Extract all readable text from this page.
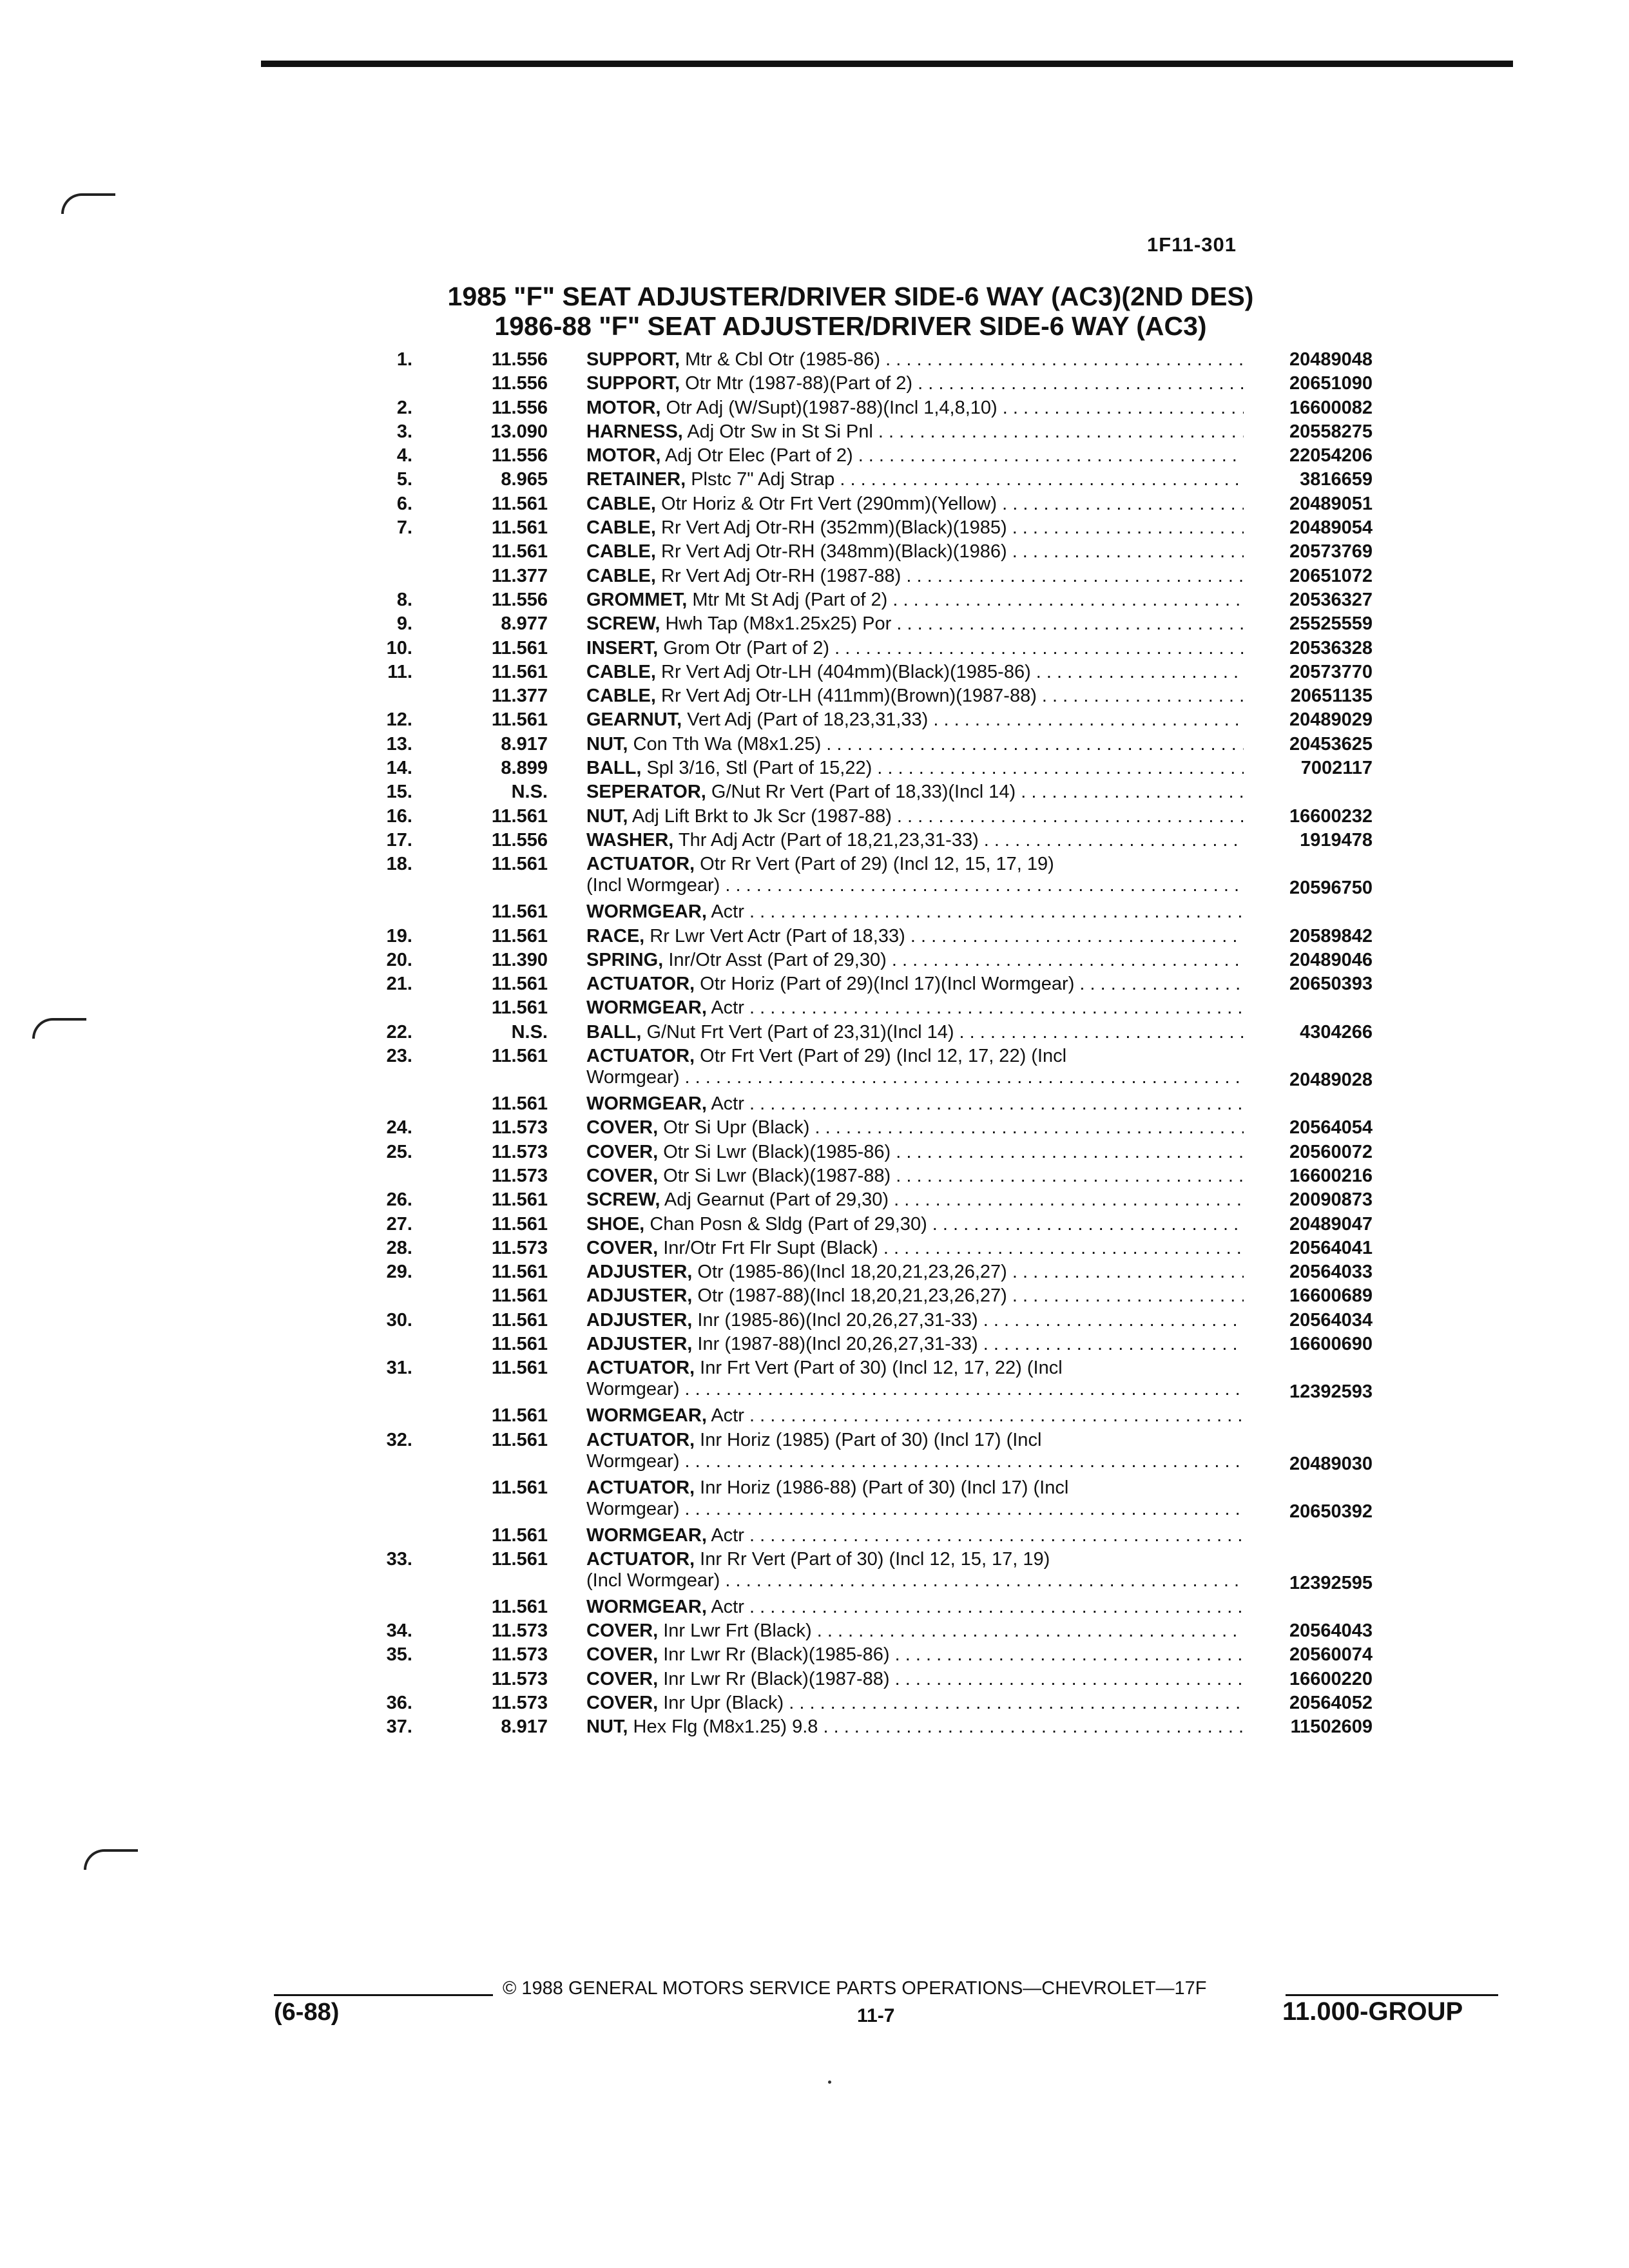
1F11-301
1985 "F" SEAT ADJUSTER/DRIVER SIDE-6 WAY (AC3)(2ND DES)
1986-88 "F" SEAT ADJUSTER/DRIVER SIDE-6 WAY (AC3)
1.	11.556 SUPPORT, Mtr & Cbl Otr (1985-86) . . .	20489048
11.556 SUPPORT, Otr Mtr (1987-88)(Part of 2) . . .	20651090
2.	11.556 MOTOR, Otr Adj (W/Supt)(1987-88)(Incl 1,4,8,10) . . .	16600082
3.	13.090 HARNESS, Adj Otr Sw in St Si Pnl . . .	20558275
4.	11.556 MOTOR, Adj Otr Elec (Part of 2) . . .	22054206
5.	8.965 RETAINER, Plstc 7" Adj Strap . . .	3816659
6.	11.561 CABLE, Otr Horiz & Otr Frt Vert (290mm)(Yellow) . . .	20489051
7.	11.561 CABLE, Rr Vert Adj Otr-RH (352mm)(Black)(1985) . . .	20489054
11.561 CABLE, Rr Vert Adj Otr-RH (348mm)(Black)(1986) . . .	20573769
11.377 CABLE, Rr Vert Adj Otr-RH (1987-88) . . .	20651072
8.	11.556 GROMMET, Mtr Mt St Adj (Part of 2) . . .	20536327
9.	8.977 SCREW, Hwh Tap (M8x1.25x25) Por . . .	25525559
10.	11.561 INSERT, Grom Otr (Part of 2) . . .	20536328
11.	11.561 CABLE, Rr Vert Adj Otr-LH (404mm)(Black)(1985-86) . . .	20573770
11.377 CABLE, Rr Vert Adj Otr-LH (411mm)(Brown)(1987-88) . . .	20651135
12.	11.561 GEARNUT, Vert Adj (Part of 18,23,31,33) . . .	20489029
13.	8.917 NUT, Con Tth Wa (M8x1.25) . . .	20453625
14.	8.899 BALL, Spl 3/16, Stl (Part of 15,22) . . .	7002117
15.	N.S. SEPERATOR, G/Nut Rr Vert (Part of 18,33)(Incl 14) . . .
16.	11.561 NUT, Adj Lift Brkt to Jk Scr (1987-88) . . .	16600232
17.	11.556 WASHER, Thr Adj Actr (Part of 18,21,23,31-33) . . .	1919478
18.	11.561 ACTUATOR, Otr Rr Vert (Part of 29) (Incl 12, 15, 17, 19)
(Incl Wormgear) . . .	20596750
11.561 WORMGEAR, Actr . . .
19.	11.561 RACE, Rr Lwr Vert Actr (Part of 18,33) . . .	20589842
20.	11.390 SPRING, Inr/Otr Asst (Part of 29,30) . . .	20489046
21.	11.561 ACTUATOR, Otr Horiz (Part of 29)(Incl 17)(Incl Wormgear) . . .	20650393
11.561 WORMGEAR, Actr . . .
22.	N.S. BALL, G/Nut Frt Vert (Part of 23,31)(Incl 14) . . .	4304266
23.	11.561 ACTUATOR, Otr Frt Vert (Part of 29) (Incl 12, 17, 22) (Incl
Wormgear) . . .	20489028
11.561 WORMGEAR, Actr . . .
24.	11.573 COVER, Otr Si Upr (Black) . . .	20564054
25.	11.573 COVER, Otr Si Lwr (Black)(1985-86) . . .	20560072
11.573 COVER, Otr Si Lwr (Black)(1987-88) . . .	16600216
26.	11.561 SCREW, Adj Gearnut (Part of 29,30) . . .	20090873
27.	11.561 SHOE, Chan Posn & Sldg (Part of 29,30) . . .	20489047
28.	11.573 COVER, Inr/Otr Frt Flr Supt (Black) . . .	20564041
29.	11.561 ADJUSTER, Otr (1985-86)(Incl 18,20,21,23,26,27) . . .	20564033
11.561 ADJUSTER, Otr (1987-88)(Incl 18,20,21,23,26,27) . . .	16600689
30.	11.561 ADJUSTER, Inr (1985-86)(Incl 20,26,27,31-33) . . .	20564034
11.561 ADJUSTER, Inr (1987-88)(Incl 20,26,27,31-33) . . .	16600690
31.	11.561 ACTUATOR, Inr Frt Vert (Part of 30) (Incl 12, 17, 22) (Incl
Wormgear) . . .	12392593
11.561 WORMGEAR, Actr . . .
32.	11.561 ACTUATOR, Inr Horiz (1985) (Part of 30) (Incl 17) (Incl
Wormgear) . . .	20489030
11.561 ACTUATOR, Inr Horiz (1986-88) (Part of 30) (Incl 17) (Incl
Wormgear) . . .	20650392
11.561 WORMGEAR, Actr . . .
33.	11.561 ACTUATOR, Inr Rr Vert (Part of 30) (Incl 12, 15, 17, 19)
(Incl Wormgear) . . .	12392595
11.561 WORMGEAR, Actr . . .
34.	11.573 COVER, Inr Lwr Frt (Black) . . .	20564043
35.	11.573 COVER, Inr Lwr Rr (Black)(1985-86) . . .	20560074
11.573 COVER, Inr Lwr Rr (Black)(1987-88) . . .	16600220
36.	11.573 COVER, Inr Upr (Black) . . .	20564052
37.	8.917 NUT, Hex Flg (M8x1.25) 9.8 . . .	11502609
© 1988 GENERAL MOTORS SERVICE PARTS OPERATIONS—CHEVROLET—17F
11-7
(6-88)	11.000-GROUP
